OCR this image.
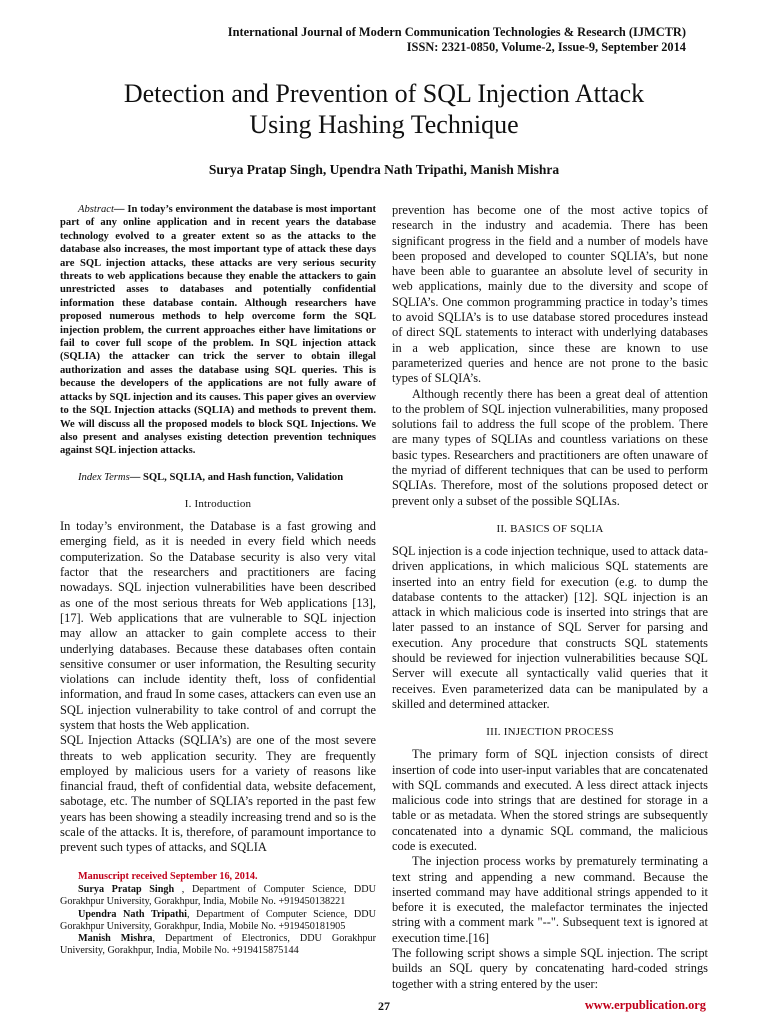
International Journal of Modern Communication Technologies & Research (IJMCTR)
ISSN: 2321-0850, Volume-2, Issue-9, September 2014
Detection and Prevention of SQL Injection Attack
Using Hashing Technique
Surya Pratap Singh, Upendra Nath Tripathi, Manish Mishra

Abstract— In today’s environment the database is most important part of any online application and in recent years the database technology evolved to a greater extent so as the attacks to the database also increases, the most important type of attack these days are SQL injection attacks, these attacks are very serious security threats to web applications because they enable the attackers to gain unrestricted asses to databases and potentially confidential information these database contain. Although researchers have proposed numerous methods to help overcome form the SQL injection problem, the current approaches either have limitations or fail to cover full scope of the problem. In SQL injection attack (SQLIA) the attacker can trick the server to obtain illegal authorization and asses the database using SQL queries. This is because the developers of the applications are not fully aware of attacks by SQL injection and its causes. This paper gives an overview to the SQL Injection attacks (SQLIA) and methods to prevent them. We will discuss all the proposed models to block SQL Injections. We also present and analyses existing detection prevention techniques against SQL injection attacks.

Index Terms— SQL, SQLIA, and Hash function, Validation

I. Introduction

In today’s environment, the Database is a fast growing and emerging field, as it is needed in every field which needs computerization. So the Database security is also very vital factor that the researchers and practitioners are facing nowadays. SQL injection vulnerabilities have been described as one of the most serious threats for Web applications [13], [17]. Web applications that are vulnerable to SQL injection may allow an attacker to gain complete access to their underlying databases. Because these databases often contain sensitive consumer or user information, the Resulting security violations can include identity theft, loss of confidential information, and fraud In some cases, attackers can even use an SQL injection vulnerability to take control of and corrupt the system that hosts the Web application.

SQL Injection Attacks (SQLIA’s) are one of the most severe threats to web application security. They are frequently employed by malicious users for a variety of reasons like financial fraud, theft of confidential data, website defacement, sabotage, etc. The number of SQLIA’s reported in the past few years has been showing a steadily increasing trend and so is the scale of the attacks. It is, therefore, of paramount importance to prevent such types of attacks, and SQLIA

Manuscript received September 16, 2014.

Surya Pratap Singh , Department of Computer Science, DDU Gorakhpur University, Gorakhpur, India, Mobile No. +919450138221

Upendra Nath Tripathi, Department of Computer Science, DDU Gorakhpur University, Gorakhpur, India, Mobile No. +919450181905

Manish Mishra, Department of Electronics, DDU Gorakhpur University, Gorakhpur, India, Mobile No. +919415875144

prevention has become one of the most active topics of research in the industry and academia. There has been significant progress in the field and a number of models have been proposed and developed to counter SQLIA’s, but none have been able to guarantee an absolute level of security in web applications, mainly due to the diversity and scope of SQLIA’s. One common programming practice in today’s times to avoid SQLIA’s is to use database stored procedures instead of direct SQL statements to interact with underlying databases in a web application, since these are known to use parameterized queries and hence are not prone to the basic types of SLQIA’s.

Although recently there has been a great deal of attention to the problem of SQL injection vulnerabilities, many proposed solutions fail to address the full scope of the problem. There are many types of SQLIAs and countless variations on these basic types. Researchers and practitioners are often unaware of the myriad of different techniques that can be used to perform SQLIAs. Therefore, most of the solutions proposed detect or prevent only a subset of the possible SQLIAs.

II. BASICS OF SQLIA

SQL injection is a code injection technique, used to attack data-driven applications, in which malicious SQL statements are inserted into an entry field for execution (e.g. to dump the database contents to the attacker) [12]. SQL injection is an attack in which malicious code is inserted into strings that are later passed to an instance of SQL Server for parsing and execution. Any procedure that constructs SQL statements should be reviewed for injection vulnerabilities because SQL Server will execute all syntactically valid queries that it receives. Even parameterized data can be manipulated by a skilled and determined attacker.

III. INJECTION PROCESS

The primary form of SQL injection consists of direct insertion of code into user-input variables that are concatenated with SQL commands and executed. A less direct attack injects malicious code into strings that are destined for storage in a table or as metadata. When the stored strings are subsequently concatenated into a dynamic SQL command, the malicious code is executed.

The injection process works by prematurely terminating a text string and appending a new command. Because the inserted command may have additional strings appended to it before it is executed, the malefactor terminates the injected string with a comment mark "--". Subsequent text is ignored at execution time.[16]

The following script shows a simple SQL injection. The script builds an SQL query by concatenating hard-coded strings together with a string entered by the user:

27	www.erpublication.org
